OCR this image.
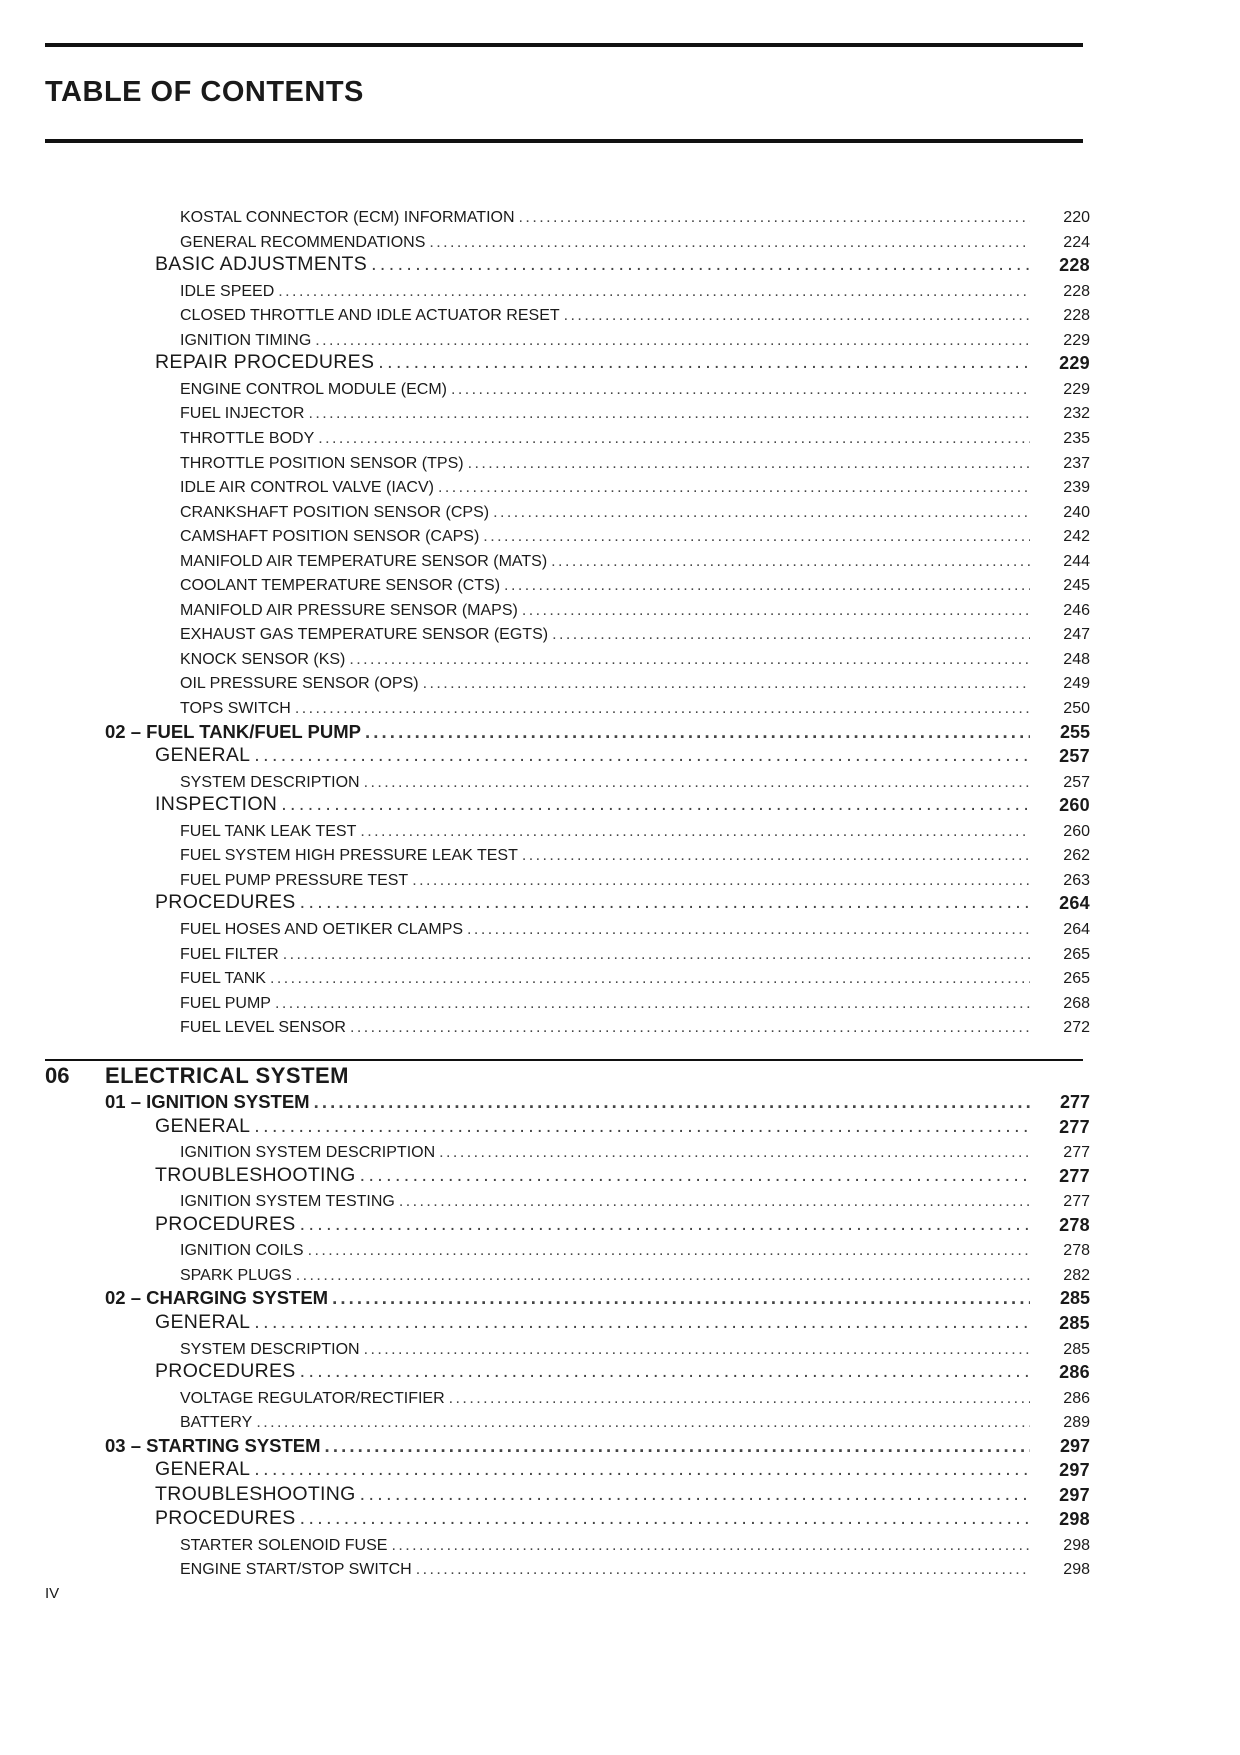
TABLE OF CONTENTS
KOSTAL CONNECTOR (ECM) INFORMATION . . .	220
GENERAL RECOMMENDATIONS . . .	224
BASIC ADJUSTMENTS . . .	228
IDLE SPEED . . .	228
CLOSED THROTTLE AND IDLE ACTUATOR RESET . . .	228
IGNITION TIMING . . .	229
REPAIR PROCEDURES . . .	229
ENGINE CONTROL MODULE (ECM) . . .	229
FUEL INJECTOR . . .	232
THROTTLE BODY . . .	235
THROTTLE POSITION SENSOR (TPS) . . .	237
IDLE AIR CONTROL VALVE (IACV) . . .	239
CRANKSHAFT POSITION SENSOR (CPS) . . .	240
CAMSHAFT POSITION SENSOR (CAPS) . . .	242
MANIFOLD AIR TEMPERATURE SENSOR (MATS) . . .	244
COOLANT TEMPERATURE SENSOR (CTS) . . .	245
MANIFOLD AIR PRESSURE SENSOR (MAPS) . . .	246
EXHAUST GAS TEMPERATURE SENSOR (EGTS) . . .	247
KNOCK SENSOR (KS) . . .	248
OIL PRESSURE SENSOR (OPS) . . .	249
TOPS SWITCH . . .	250
02 – FUEL TANK/FUEL PUMP . . .	255
GENERAL . . .	257
SYSTEM DESCRIPTION . . .	257
INSPECTION . . .	260
FUEL TANK LEAK TEST . . .	260
FUEL SYSTEM HIGH PRESSURE LEAK TEST . . .	262
FUEL PUMP PRESSURE TEST . . .	263
PROCEDURES . . .	264
FUEL HOSES AND OETIKER CLAMPS . . .	264
FUEL FILTER . . .	265
FUEL TANK . . .	265
FUEL PUMP . . .	268
FUEL LEVEL SENSOR . . .	272
06 ELECTRICAL SYSTEM
01 – IGNITION SYSTEM . . .	277
GENERAL . . .	277
IGNITION SYSTEM DESCRIPTION . . .	277
TROUBLESHOOTING . . .	277
IGNITION SYSTEM TESTING . . .	277
PROCEDURES . . .	278
IGNITION COILS . . .	278
SPARK PLUGS . . .	282
02 – CHARGING SYSTEM . . .	285
GENERAL . . .	285
SYSTEM DESCRIPTION . . .	285
PROCEDURES . . .	286
VOLTAGE REGULATOR/RECTIFIER . . .	286
BATTERY . . .	289
03 – STARTING SYSTEM . . .	297
GENERAL . . .	297
TROUBLESHOOTING . . .	297
PROCEDURES . . .	298
STARTER SOLENOID FUSE . . .	298
ENGINE START/STOP SWITCH . . .	298
IV
